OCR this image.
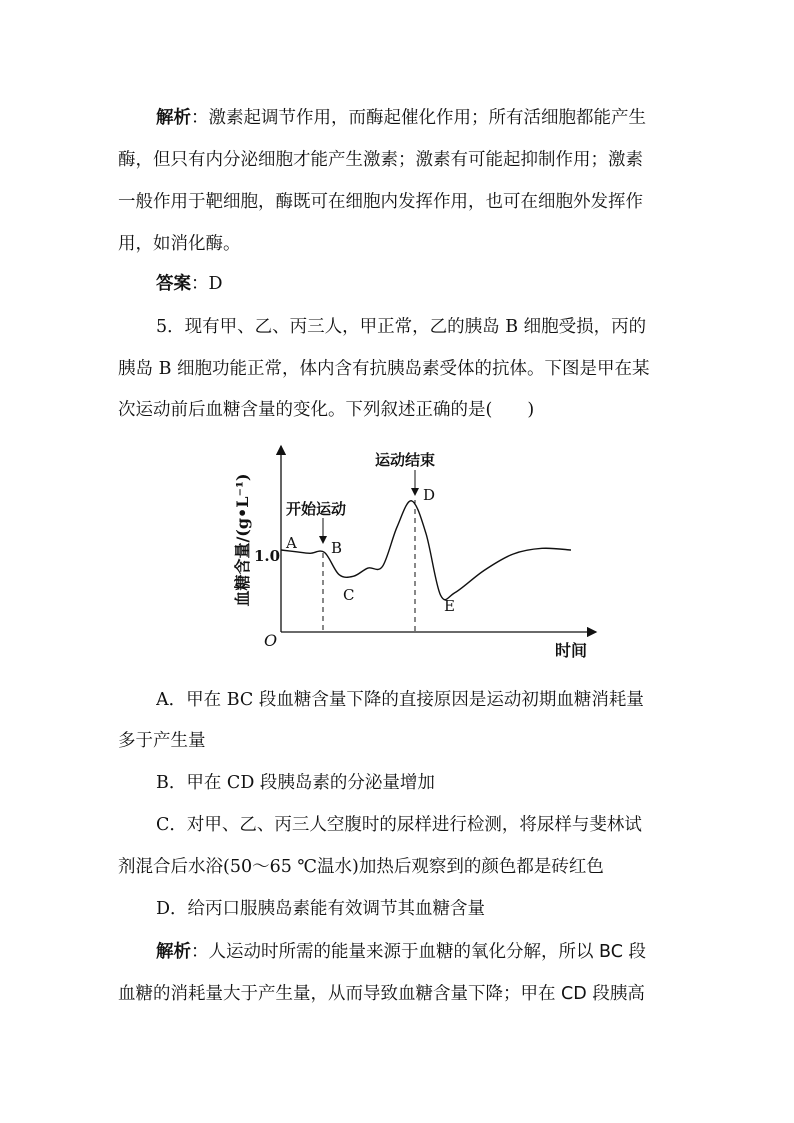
解析：激素起调节作用，而酶起催化作用；所有活细胞都能产生
酶，但只有内分泌细胞才能产生激素；激素有可能起抑制作用；激素
一般作用于靶细胞，酶既可在细胞内发挥作用，也可在细胞外发挥作
用，如消化酶。
答案：D
5．现有甲、乙、丙三人，甲正常，乙的胰岛 B 细胞受损，丙的
胰岛 B 细胞功能正常，体内含有抗胰岛素受体的抗体。下图是甲在某
次运动前后血糖含量的变化。下列叙述正确的是(　　)
血糖含量/(g•L⁻¹)
O
1.0
时间
开始运动
运动结束
A B
C
D
E
A．甲在 BC 段血糖含量下降的直接原因是运动初期血糖消耗量
多于产生量
B．甲在 CD 段胰岛素的分泌量增加
C．对甲、乙、丙三人空腹时的尿样进行检测，将尿样与斐林试
剂混合后水浴(50～65 ℃温水)加热后观察到的颜色都是砖红色
D．给丙口服胰岛素能有效调节其血糖含量
解析：人运动时所需的能量来源于血糖的氧化分解，所以 BC 段
血糖的消耗量大于产生量，从而导致血糖含量下降；甲在 CD 段胰高
